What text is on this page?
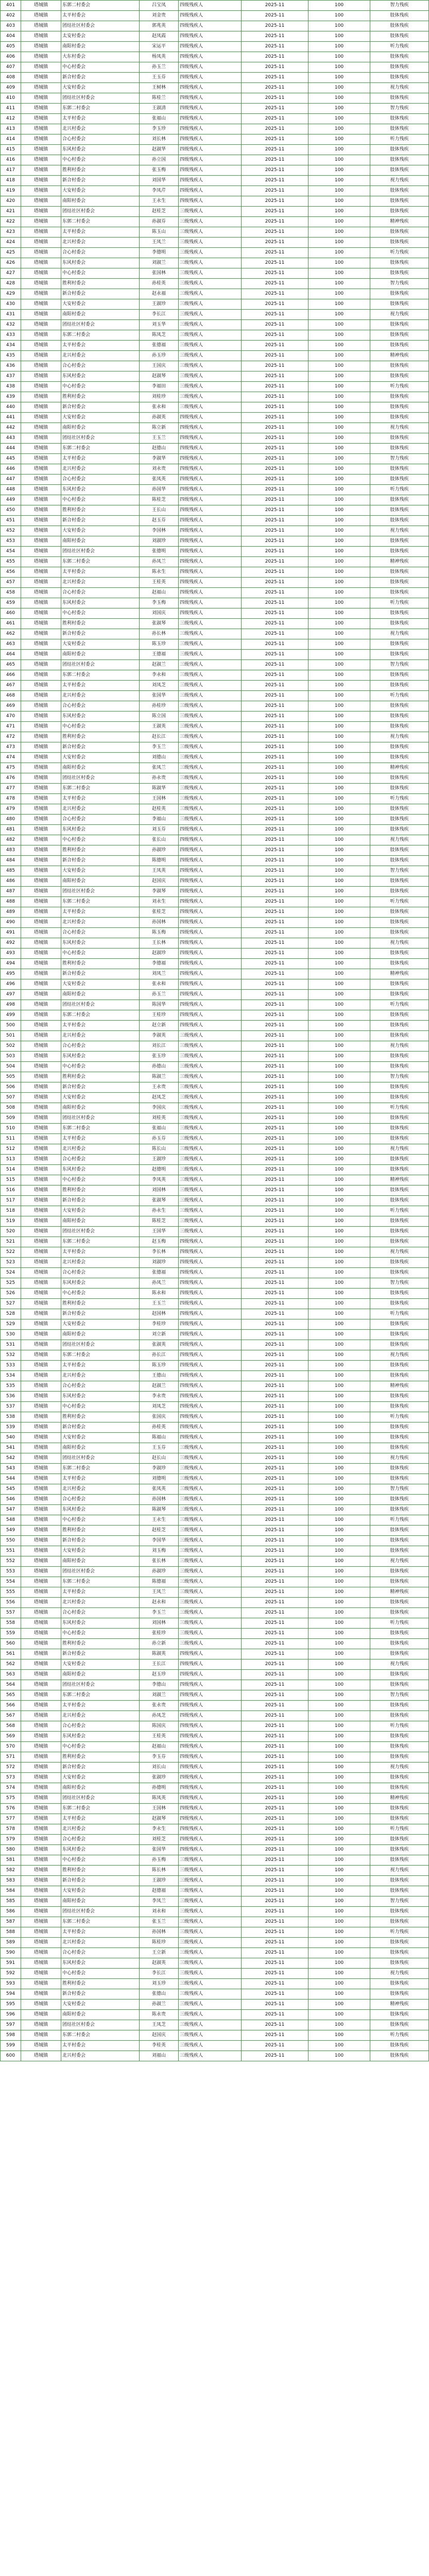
401	塔城镇	东郭二村委会	吕宝凤	四级残疾人	2025-11	100	智力残疾
402	塔城镇	太平村委会	刘金贵	四级残疾人	2025-11	100	肢体残疾
403	塔城镇	团结社区村委会	郭兆英	四级残疾人	2025-11	100	肢体残疾
404	塔城镇	太安村委会	赵凤霞	四级残疾人	2025-11	100	肢体残疾
405	塔城镇	南阳村委会	宋运平	四级残疾人	2025-11	100	听力残疾
406	塔城镇	大东村委会	杨凤英	四级残疾人	2025-11	100	肢体残疾
407	塔城镇	中心村委会	孙玉兰	四级残疾人	2025-11	100	肢体残疾
408	塔城镇	新合村委会	王玉芬	四级残疾人	2025-11	100	肢体残疾
409	塔城镇	大安村委会	王树林	四级残疾人	2025-11	100	视力残疾
410	塔城镇	团结社区村委会	陈桂兰	四级残疾人	2025-11	100	肢体残疾
411	塔城镇	东郭二村委会	王淑清	四级残疾人	2025-11	100	智力残疾
412	塔城镇	太平村委会	张福山	四级残疾人	2025-11	100	肢体残疾
413	塔城镇	北兴村委会	李玉珍	四级残疾人	2025-11	100	肢体残疾
414	塔城镇	合心村委会	刘长林	四级残疾人	2025-11	100	听力残疾
415	塔城镇	东风村委会	赵淑华	四级残疾人	2025-11	100	肢体残疾
416	塔城镇	中心村委会	孙立国	四级残疾人	2025-11	100	肢体残疾
417	塔城镇	胜利村委会	张玉梅	四级残疾人	2025-11	100	肢体残疾
418	塔城镇	新合村委会	刘国华	四级残疾人	2025-11	100	视力残疾
419	塔城镇	大安村委会	李凤芹	四级残疾人	2025-11	100	肢体残疾
420	塔城镇	南阳村委会	王永生	四级残疾人	2025-11	100	肢体残疾
421	塔城镇	团结社区村委会	赵桂芝	三级残疾人	2025-11	100	肢体残疾
422	塔城镇	东郭二村委会	孙淑芬	三级残疾人	2025-11	100	精神残疾
423	塔城镇	太平村委会	陈玉山	三级残疾人	2025-11	100	肢体残疾
424	塔城镇	北兴村委会	王凤兰	三级残疾人	2025-11	100	肢体残疾
425	塔城镇	合心村委会	李德明	三级残疾人	2025-11	100	听力残疾
426	塔城镇	东风村委会	刘淑兰	三级残疾人	2025-11	100	肢体残疾
427	塔城镇	中心村委会	张国林	三级残疾人	2025-11	100	肢体残疾
428	塔城镇	胜利村委会	孙桂英	三级残疾人	2025-11	100	智力残疾
429	塔城镇	新合村委会	赵永福	三级残疾人	2025-11	100	肢体残疾
430	塔城镇	大安村委会	王淑珍	三级残疾人	2025-11	100	肢体残疾
431	塔城镇	南阳村委会	李长江	三级残疾人	2025-11	100	视力残疾
432	塔城镇	团结社区村委会	刘玉华	三级残疾人	2025-11	100	肢体残疾
433	塔城镇	东郭二村委会	陈凤芝	三级残疾人	2025-11	100	肢体残疾
434	塔城镇	太平村委会	张德福	三级残疾人	2025-11	100	肢体残疾
435	塔城镇	北兴村委会	孙玉珍	三级残疾人	2025-11	100	精神残疾
436	塔城镇	合心村委会	王国庆	三级残疾人	2025-11	100	肢体残疾
437	塔城镇	东风村委会	赵淑琴	三级残疾人	2025-11	100	肢体残疾
438	塔城镇	中心村委会	李福田	三级残疾人	2025-11	100	听力残疾
439	塔城镇	胜利村委会	刘桂珍	三级残疾人	2025-11	100	肢体残疾
440	塔城镇	新合村委会	张永和	三级残疾人	2025-11	100	肢体残疾
441	塔城镇	大安村委会	孙淑英	四级残疾人	2025-11	100	肢体残疾
442	塔城镇	南阳村委会	陈立新	四级残疾人	2025-11	100	视力残疾
443	塔城镇	团结社区村委会	王玉兰	四级残疾人	2025-11	100	肢体残疾
444	塔城镇	东郭二村委会	赵德山	四级残疾人	2025-11	100	肢体残疾
445	塔城镇	太平村委会	李淑华	四级残疾人	2025-11	100	智力残疾
446	塔城镇	北兴村委会	刘永贵	四级残疾人	2025-11	100	肢体残疾
447	塔城镇	合心村委会	张凤英	四级残疾人	2025-11	100	肢体残疾
448	塔城镇	东风村委会	孙国华	四级残疾人	2025-11	100	听力残疾
449	塔城镇	中心村委会	陈桂芝	四级残疾人	2025-11	100	肢体残疾
450	塔城镇	胜利村委会	王长山	四级残疾人	2025-11	100	肢体残疾
451	塔城镇	新合村委会	赵玉芬	四级残疾人	2025-11	100	肢体残疾
452	塔城镇	大安村委会	李国林	四级残疾人	2025-11	100	视力残疾
453	塔城镇	南阳村委会	刘淑珍	四级残疾人	2025-11	100	肢体残疾
454	塔城镇	团结社区村委会	张德明	四级残疾人	2025-11	100	肢体残疾
455	塔城镇	东郭二村委会	孙凤兰	四级残疾人	2025-11	100	精神残疾
456	塔城镇	太平村委会	陈永生	四级残疾人	2025-11	100	肢体残疾
457	塔城镇	北兴村委会	王桂英	四级残疾人	2025-11	100	肢体残疾
458	塔城镇	合心村委会	赵福山	四级残疾人	2025-11	100	肢体残疾
459	塔城镇	东风村委会	李玉梅	四级残疾人	2025-11	100	听力残疾
460	塔城镇	中心村委会	刘国庆	四级残疾人	2025-11	100	肢体残疾
461	塔城镇	胜利村委会	张淑琴	三级残疾人	2025-11	100	肢体残疾
462	塔城镇	新合村委会	孙长林	三级残疾人	2025-11	100	视力残疾
463	塔城镇	大安村委会	陈玉珍	三级残疾人	2025-11	100	肢体残疾
464	塔城镇	南阳村委会	王德福	三级残疾人	2025-11	100	肢体残疾
465	塔城镇	团结社区村委会	赵淑兰	三级残疾人	2025-11	100	智力残疾
466	塔城镇	东郭二村委会	李永和	三级残疾人	2025-11	100	肢体残疾
467	塔城镇	太平村委会	刘凤芝	三级残疾人	2025-11	100	肢体残疾
468	塔城镇	北兴村委会	张国华	三级残疾人	2025-11	100	听力残疾
469	塔城镇	合心村委会	孙桂珍	三级残疾人	2025-11	100	肢体残疾
470	塔城镇	东风村委会	陈立国	三级残疾人	2025-11	100	肢体残疾
471	塔城镇	中心村委会	王淑英	三级残疾人	2025-11	100	肢体残疾
472	塔城镇	胜利村委会	赵长江	三级残疾人	2025-11	100	视力残疾
473	塔城镇	新合村委会	李玉兰	三级残疾人	2025-11	100	肢体残疾
474	塔城镇	大安村委会	刘德山	三级残疾人	2025-11	100	肢体残疾
475	塔城镇	南阳村委会	张凤兰	三级残疾人	2025-11	100	精神残疾
476	塔城镇	团结社区村委会	孙永贵	三级残疾人	2025-11	100	肢体残疾
477	塔城镇	东郭二村委会	陈淑华	三级残疾人	2025-11	100	肢体残疾
478	塔城镇	太平村委会	王国林	三级残疾人	2025-11	100	听力残疾
479	塔城镇	北兴村委会	赵桂英	三级残疾人	2025-11	100	肢体残疾
480	塔城镇	合心村委会	李福山	三级残疾人	2025-11	100	肢体残疾
481	塔城镇	东风村委会	刘玉芬	四级残疾人	2025-11	100	肢体残疾
482	塔城镇	中心村委会	张长山	四级残疾人	2025-11	100	视力残疾
483	塔城镇	胜利村委会	孙淑珍	四级残疾人	2025-11	100	肢体残疾
484	塔城镇	新合村委会	陈德明	四级残疾人	2025-11	100	肢体残疾
485	塔城镇	大安村委会	王凤英	四级残疾人	2025-11	100	智力残疾
486	塔城镇	南阳村委会	赵国庆	四级残疾人	2025-11	100	肢体残疾
487	塔城镇	团结社区村委会	李淑琴	四级残疾人	2025-11	100	肢体残疾
488	塔城镇	东郭二村委会	刘永生	四级残疾人	2025-11	100	听力残疾
489	塔城镇	太平村委会	张桂芝	四级残疾人	2025-11	100	肢体残疾
490	塔城镇	北兴村委会	孙国林	四级残疾人	2025-11	100	肢体残疾
491	塔城镇	合心村委会	陈玉梅	四级残疾人	2025-11	100	肢体残疾
492	塔城镇	东风村委会	王长林	四级残疾人	2025-11	100	视力残疾
493	塔城镇	中心村委会	赵淑珍	四级残疾人	2025-11	100	肢体残疾
494	塔城镇	胜利村委会	李德福	四级残疾人	2025-11	100	肢体残疾
495	塔城镇	新合村委会	刘凤兰	四级残疾人	2025-11	100	精神残疾
496	塔城镇	大安村委会	张永和	四级残疾人	2025-11	100	肢体残疾
497	塔城镇	南阳村委会	孙玉兰	四级残疾人	2025-11	100	肢体残疾
498	塔城镇	团结社区村委会	陈国华	四级残疾人	2025-11	100	听力残疾
499	塔城镇	东郭二村委会	王桂珍	四级残疾人	2025-11	100	肢体残疾
500	塔城镇	太平村委会	赵立新	四级残疾人	2025-11	100	肢体残疾
501	塔城镇	北兴村委会	李淑英	三级残疾人	2025-11	100	肢体残疾
502	塔城镇	合心村委会	刘长江	三级残疾人	2025-11	100	视力残疾
503	塔城镇	东风村委会	张玉珍	三级残疾人	2025-11	100	肢体残疾
504	塔城镇	中心村委会	孙德山	三级残疾人	2025-11	100	肢体残疾
505	塔城镇	胜利村委会	陈淑兰	三级残疾人	2025-11	100	智力残疾
506	塔城镇	新合村委会	王永贵	三级残疾人	2025-11	100	肢体残疾
507	塔城镇	大安村委会	赵凤芝	三级残疾人	2025-11	100	肢体残疾
508	塔城镇	南阳村委会	李国庆	三级残疾人	2025-11	100	听力残疾
509	塔城镇	团结社区村委会	刘桂英	三级残疾人	2025-11	100	肢体残疾
510	塔城镇	东郭二村委会	张福山	三级残疾人	2025-11	100	肢体残疾
511	塔城镇	太平村委会	孙玉芬	三级残疾人	2025-11	100	肢体残疾
512	塔城镇	北兴村委会	陈长山	三级残疾人	2025-11	100	视力残疾
513	塔城镇	合心村委会	王淑珍	三级残疾人	2025-11	100	肢体残疾
514	塔城镇	东风村委会	赵德明	三级残疾人	2025-11	100	肢体残疾
515	塔城镇	中心村委会	李凤英	三级残疾人	2025-11	100	精神残疾
516	塔城镇	胜利村委会	刘国林	三级残疾人	2025-11	100	肢体残疾
517	塔城镇	新合村委会	张淑琴	三级残疾人	2025-11	100	肢体残疾
518	塔城镇	大安村委会	孙永生	三级残疾人	2025-11	100	听力残疾
519	塔城镇	南阳村委会	陈桂芝	三级残疾人	2025-11	100	肢体残疾
520	塔城镇	团结社区村委会	王国华	三级残疾人	2025-11	100	肢体残疾
521	塔城镇	东郭二村委会	赵玉梅	四级残疾人	2025-11	100	肢体残疾
522	塔城镇	太平村委会	李长林	四级残疾人	2025-11	100	视力残疾
523	塔城镇	北兴村委会	刘淑珍	四级残疾人	2025-11	100	肢体残疾
524	塔城镇	合心村委会	张德福	四级残疾人	2025-11	100	肢体残疾
525	塔城镇	东风村委会	孙凤兰	四级残疾人	2025-11	100	智力残疾
526	塔城镇	中心村委会	陈永和	四级残疾人	2025-11	100	肢体残疾
527	塔城镇	胜利村委会	王玉兰	四级残疾人	2025-11	100	肢体残疾
528	塔城镇	新合村委会	赵国林	四级残疾人	2025-11	100	听力残疾
529	塔城镇	大安村委会	李桂珍	四级残疾人	2025-11	100	肢体残疾
530	塔城镇	南阳村委会	刘立新	四级残疾人	2025-11	100	肢体残疾
531	塔城镇	团结社区村委会	张淑英	四级残疾人	2025-11	100	肢体残疾
532	塔城镇	东郭二村委会	孙长江	四级残疾人	2025-11	100	视力残疾
533	塔城镇	太平村委会	陈玉珍	四级残疾人	2025-11	100	肢体残疾
534	塔城镇	北兴村委会	王德山	四级残疾人	2025-11	100	肢体残疾
535	塔城镇	合心村委会	赵淑兰	四级残疾人	2025-11	100	精神残疾
536	塔城镇	东风村委会	李永贵	四级残疾人	2025-11	100	肢体残疾
537	塔城镇	中心村委会	刘凤芝	四级残疾人	2025-11	100	肢体残疾
538	塔城镇	胜利村委会	张国庆	四级残疾人	2025-11	100	听力残疾
539	塔城镇	新合村委会	孙桂英	四级残疾人	2025-11	100	肢体残疾
540	塔城镇	大安村委会	陈福山	四级残疾人	2025-11	100	肢体残疾
541	塔城镇	南阳村委会	王玉芬	三级残疾人	2025-11	100	肢体残疾
542	塔城镇	团结社区村委会	赵长山	三级残疾人	2025-11	100	视力残疾
543	塔城镇	东郭二村委会	李淑珍	三级残疾人	2025-11	100	肢体残疾
544	塔城镇	太平村委会	刘德明	三级残疾人	2025-11	100	肢体残疾
545	塔城镇	北兴村委会	张凤英	三级残疾人	2025-11	100	智力残疾
546	塔城镇	合心村委会	孙国林	三级残疾人	2025-11	100	肢体残疾
547	塔城镇	东风村委会	陈淑琴	三级残疾人	2025-11	100	肢体残疾
548	塔城镇	中心村委会	王永生	三级残疾人	2025-11	100	听力残疾
549	塔城镇	胜利村委会	赵桂芝	三级残疾人	2025-11	100	肢体残疾
550	塔城镇	新合村委会	李国华	三级残疾人	2025-11	100	肢体残疾
551	塔城镇	大安村委会	刘玉梅	三级残疾人	2025-11	100	肢体残疾
552	塔城镇	南阳村委会	张长林	三级残疾人	2025-11	100	视力残疾
553	塔城镇	团结社区村委会	孙淑珍	三级残疾人	2025-11	100	肢体残疾
554	塔城镇	东郭二村委会	陈德福	三级残疾人	2025-11	100	肢体残疾
555	塔城镇	太平村委会	王凤兰	三级残疾人	2025-11	100	精神残疾
556	塔城镇	北兴村委会	赵永和	三级残疾人	2025-11	100	肢体残疾
557	塔城镇	合心村委会	李玉兰	三级残疾人	2025-11	100	肢体残疾
558	塔城镇	东风村委会	刘国林	三级残疾人	2025-11	100	听力残疾
559	塔城镇	中心村委会	张桂珍	三级残疾人	2025-11	100	肢体残疾
560	塔城镇	胜利村委会	孙立新	三级残疾人	2025-11	100	肢体残疾
561	塔城镇	新合村委会	陈淑英	四级残疾人	2025-11	100	肢体残疾
562	塔城镇	大安村委会	王长江	四级残疾人	2025-11	100	视力残疾
563	塔城镇	南阳村委会	赵玉珍	四级残疾人	2025-11	100	肢体残疾
564	塔城镇	团结社区村委会	李德山	四级残疾人	2025-11	100	肢体残疾
565	塔城镇	东郭二村委会	刘淑兰	四级残疾人	2025-11	100	智力残疾
566	塔城镇	太平村委会	张永贵	四级残疾人	2025-11	100	肢体残疾
567	塔城镇	北兴村委会	孙凤芝	四级残疾人	2025-11	100	肢体残疾
568	塔城镇	合心村委会	陈国庆	四级残疾人	2025-11	100	听力残疾
569	塔城镇	东风村委会	王桂英	四级残疾人	2025-11	100	肢体残疾
570	塔城镇	中心村委会	赵福山	四级残疾人	2025-11	100	肢体残疾
571	塔城镇	胜利村委会	李玉芬	四级残疾人	2025-11	100	肢体残疾
572	塔城镇	新合村委会	刘长山	四级残疾人	2025-11	100	视力残疾
573	塔城镇	大安村委会	张淑珍	四级残疾人	2025-11	100	肢体残疾
574	塔城镇	南阳村委会	孙德明	四级残疾人	2025-11	100	肢体残疾
575	塔城镇	团结社区村委会	陈凤英	四级残疾人	2025-11	100	精神残疾
576	塔城镇	东郭二村委会	王国林	四级残疾人	2025-11	100	肢体残疾
577	塔城镇	太平村委会	赵淑琴	四级残疾人	2025-11	100	肢体残疾
578	塔城镇	北兴村委会	李永生	四级残疾人	2025-11	100	听力残疾
579	塔城镇	合心村委会	刘桂芝	四级残疾人	2025-11	100	肢体残疾
580	塔城镇	东风村委会	张国华	四级残疾人	2025-11	100	肢体残疾
581	塔城镇	中心村委会	孙玉梅	三级残疾人	2025-11	100	肢体残疾
582	塔城镇	胜利村委会	陈长林	三级残疾人	2025-11	100	视力残疾
583	塔城镇	新合村委会	王淑珍	三级残疾人	2025-11	100	肢体残疾
584	塔城镇	大安村委会	赵德福	三级残疾人	2025-11	100	肢体残疾
585	塔城镇	南阳村委会	李凤兰	三级残疾人	2025-11	100	智力残疾
586	塔城镇	团结社区村委会	刘永和	三级残疾人	2025-11	100	肢体残疾
587	塔城镇	东郭二村委会	张玉兰	三级残疾人	2025-11	100	肢体残疾
588	塔城镇	太平村委会	孙国林	三级残疾人	2025-11	100	听力残疾
589	塔城镇	北兴村委会	陈桂珍	三级残疾人	2025-11	100	肢体残疾
590	塔城镇	合心村委会	王立新	三级残疾人	2025-11	100	肢体残疾
591	塔城镇	东风村委会	赵淑英	三级残疾人	2025-11	100	肢体残疾
592	塔城镇	中心村委会	李长江	三级残疾人	2025-11	100	视力残疾
593	塔城镇	胜利村委会	刘玉珍	三级残疾人	2025-11	100	肢体残疾
594	塔城镇	新合村委会	张德山	三级残疾人	2025-11	100	肢体残疾
595	塔城镇	大安村委会	孙淑兰	三级残疾人	2025-11	100	精神残疾
596	塔城镇	南阳村委会	陈永贵	三级残疾人	2025-11	100	肢体残疾
597	塔城镇	团结社区村委会	王凤芝	三级残疾人	2025-11	100	肢体残疾
598	塔城镇	东郭二村委会	赵国庆	三级残疾人	2025-11	100	听力残疾
599	塔城镇	太平村委会	李桂英	三级残疾人	2025-11	100	肢体残疾
600	塔城镇	北兴村委会	刘福山	三级残疾人	2025-11	100	肢体残疾
